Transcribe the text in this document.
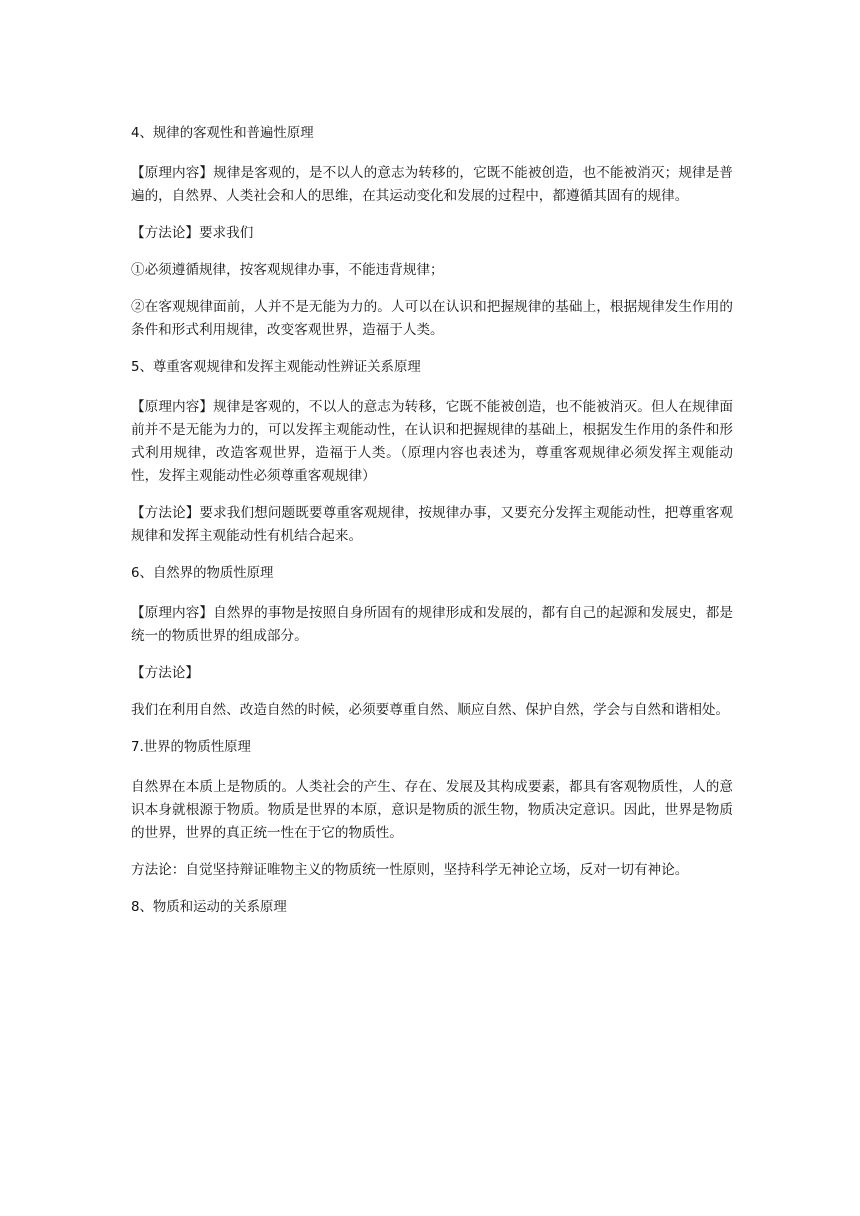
4、规律的客观性和普遍性原理

【原理内容】规律是客观的，是不以人的意志为转移的，它既不能被创造，也不能被消灭；规律是普遍的，自然界、人类社会和人的思维，在其运动变化和发展的过程中，都遵循其固有的规律。

【方法论】要求我们

①必须遵循规律，按客观规律办事，不能违背规律；

②在客观规律面前，人并不是无能为力的。人可以在认识和把握规律的基础上，根据规律发生作用的条件和形式利用规律，改变客观世界，造福于人类。

5、尊重客观规律和发挥主观能动性辨证关系原理

【原理内容】规律是客观的，不以人的意志为转移，它既不能被创造，也不能被消灭。但人在规律面前并不是无能为力的，可以发挥主观能动性，在认识和把握规律的基础上，根据发生作用的条件和形式利用规律，改造客观世界，造福于人类。（原理内容也表述为，尊重客观规律必须发挥主观能动性，发挥主观能动性必须尊重客观规律）

【方法论】要求我们想问题既要尊重客观规律，按规律办事，又要充分发挥主观能动性，把尊重客观规律和发挥主观能动性有机结合起来。

6、自然界的物质性原理

【原理内容】自然界的事物是按照自身所固有的规律形成和发展的，都有自己的起源和发展史，都是统一的物质世界的组成部分。

【方法论】

我们在利用自然、改造自然的时候，必须要尊重自然、顺应自然、保护自然，学会与自然和谐相处。

7.世界的物质性原理

自然界在本质上是物质的。人类社会的产生、存在、发展及其构成要素，都具有客观物质性，人的意识本身就根源于物质。物质是世界的本原，意识是物质的派生物，物质决定意识。因此，世界是物质的世界，世界的真正统一性在于它的物质性。

方法论：自觉坚持辩证唯物主义的物质统一性原则，坚持科学无神论立场，反对一切有神论。

8、物质和运动的关系原理
